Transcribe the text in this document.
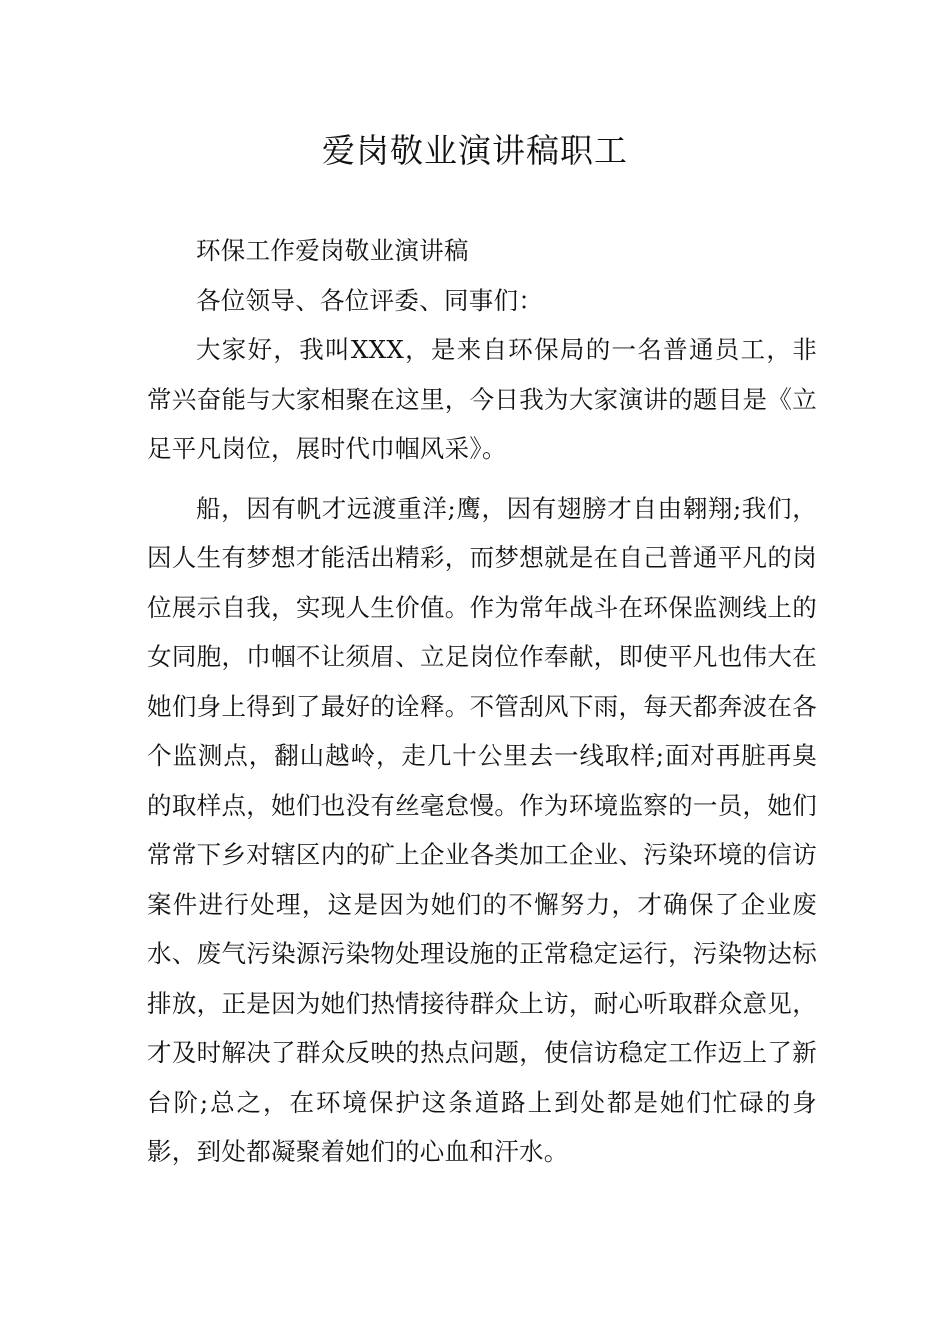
爱岗敬业演讲稿职工

环保工作爱岗敬业演讲稿

各位领导、各位评委、同事们：

大家好，我叫XXX，是来自环保局的一名普通员工，非常兴奋能与大家相聚在这里，今日我为大家演讲的题目是《立足平凡岗位，展时代巾帼风采》。

船，因有帆才远渡重洋;鹰，因有翅膀才自由翱翔;我们，因人生有梦想才能活出精彩，而梦想就是在自己普通平凡的岗位展示自我，实现人生价值。作为常年战斗在环保监测线上的女同胞，巾帼不让须眉、立足岗位作奉献，即使平凡也伟大在她们身上得到了最好的诠释。不管刮风下雨，每天都奔波在各个监测点，翻山越岭，走几十公里去一线取样;面对再脏再臭的取样点，她们也没有丝毫怠慢。作为环境监察的一员，她们常常下乡对辖区内的矿上企业各类加工企业、污染环境的信访案件进行处理，这是因为她们的不懈努力，才确保了企业废水、废气污染源污染物处理设施的正常稳定运行，污染物达标排放，正是因为她们热情接待群众上访，耐心听取群众意见，才及时解决了群众反映的热点问题，使信访稳定工作迈上了新台阶;总之，在环境保护这条道路上到处都是她们忙碌的身影，到处都凝聚着她们的心血和汗水。
